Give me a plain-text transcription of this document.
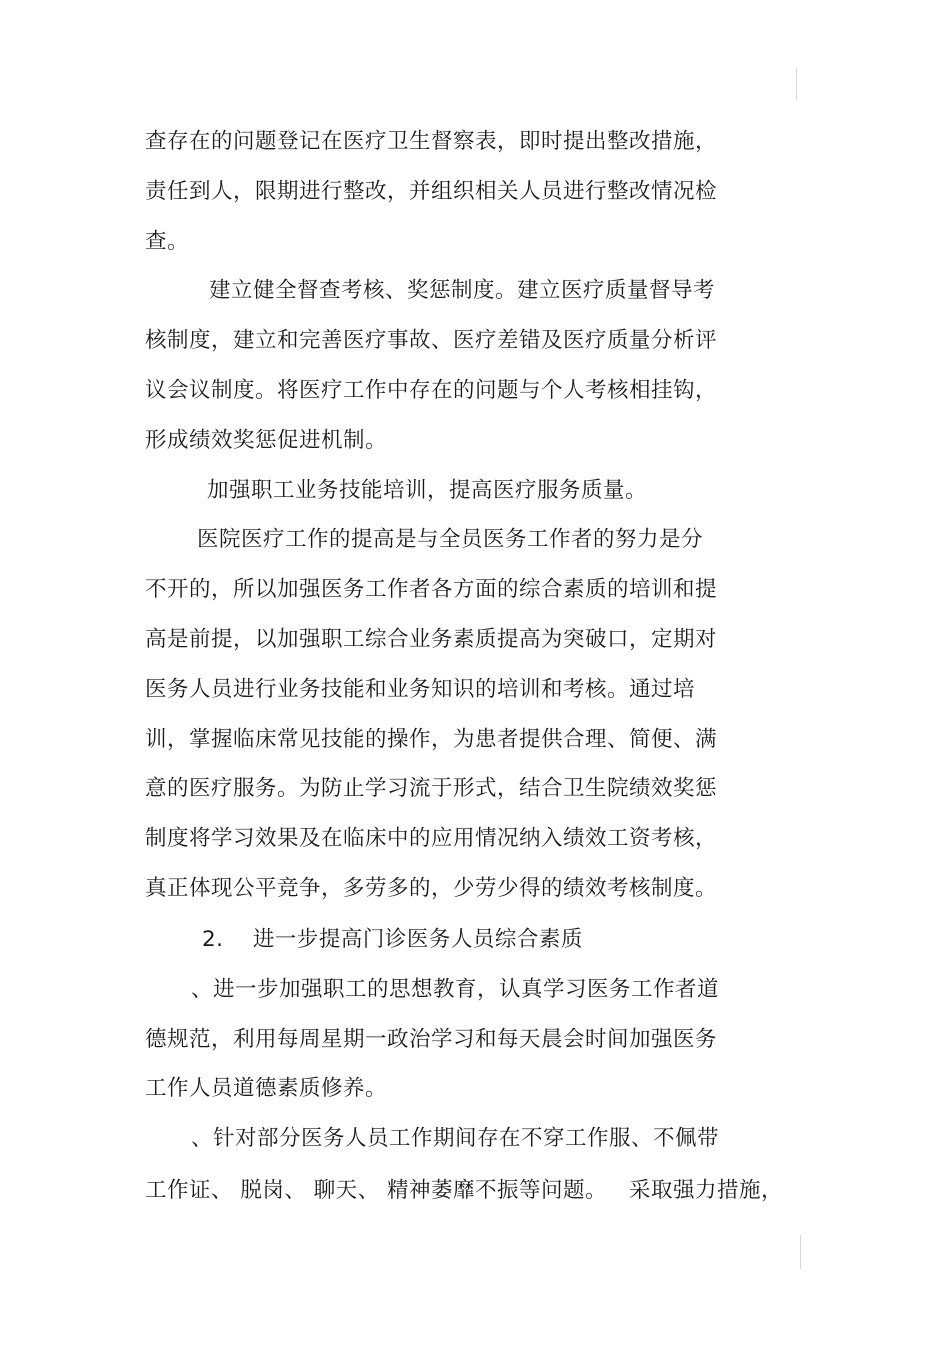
查存在的问题登记在医疗卫生督察表，即时提出整改措施，
责任到人，限期进行整改，并组织相关人员进行整改情况检
查。
建立健全督查考核、奖惩制度。建立医疗质量督导考
核制度，建立和完善医疗事故、医疗差错及医疗质量分析评
议会议制度。将医疗工作中存在的问题与个人考核相挂钩，
形成绩效奖惩促进机制。
加强职工业务技能培训，提高医疗服务质量。
医院医疗工作的提高是与全员医务工作者的努力是分
不开的，所以加强医务工作者各方面的综合素质的培训和提
高是前提，以加强职工综合业务素质提高为突破口，定期对
医务人员进行业务技能和业务知识的培训和考核。通过培
训，掌握临床常见技能的操作，为患者提供合理、简便、满
意的医疗服务。为防止学习流于形式，结合卫生院绩效奖惩
制度将学习效果及在临床中的应用情况纳入绩效工资考核，
真正体现公平竞争，多劳多的，少劳少得的绩效考核制度。
2.    进一步提高门诊医务人员综合素质
、进一步加强职工的思想教育，认真学习医务工作者道
德规范，利用每周星期一政治学习和每天晨会时间加强医务
工作人员道德素质修养。
、针对部分医务人员工作期间存在不穿工作服、不佩带
工作证、 脱岗、 聊天、 精神萎靡不振等问题。   采取强力措施，
